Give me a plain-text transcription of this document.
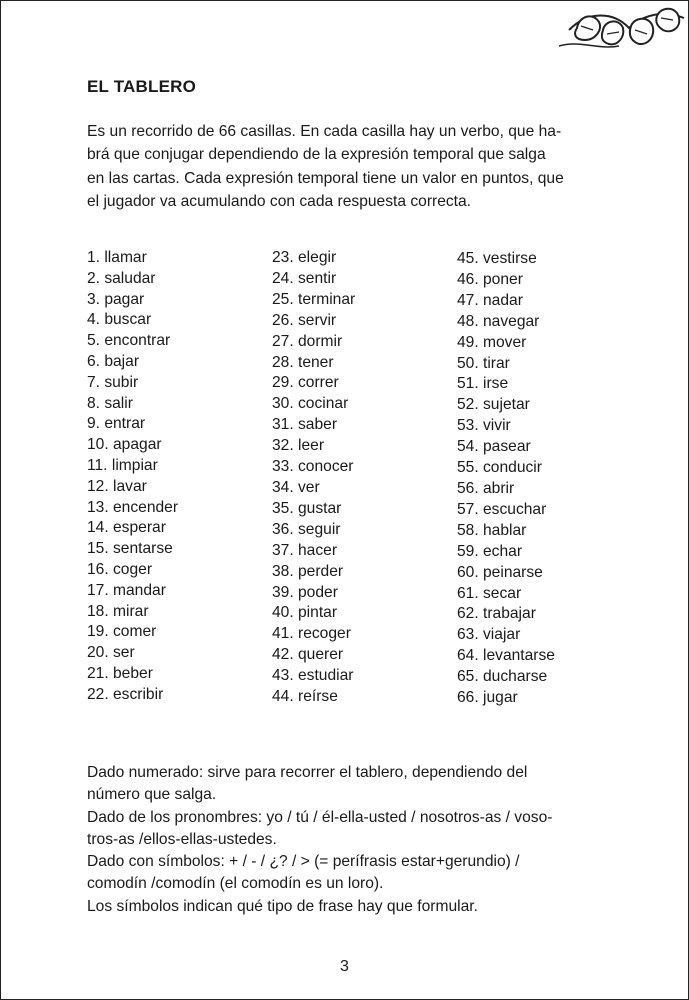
EL TABLERO

Es un recorrido de 66 casillas. En cada casilla hay un verbo, que ha-

brá que conjugar dependiendo de la expresión temporal que salga

en las cartas. Cada expresión temporal tiene un valor en puntos, que

el jugador va acumulando con cada respuesta correcta.

1. llamar
2. saludar
3. pagar
4. buscar
5. encontrar
6. bajar
7. subir
8. salir
9. entrar
10. apagar
11. limpiar
12. lavar
13. encender
14. esperar
15. sentarse
16. coger
17. mandar
18. mirar
19. comer
20. ser
21. beber
22. escribir
23. elegir
24. sentir
25. terminar
26. servir
27. dormir
28. tener
29. correr
30. cocinar
31. saber
32. leer
33. conocer
34. ver
35. gustar
36. seguir
37. hacer
38. perder
39. poder
40. pintar
41. recoger
42. querer
43. estudiar
44. reírse
45. vestirse
46. poner
47. nadar
48. navegar
49. mover
50. tirar
51. irse
52. sujetar
53. vivir
54. pasear
55. conducir
56. abrir
57. escuchar
58. hablar
59. echar
60. peinarse
61. secar
62. trabajar
63. viajar
64. levantarse
65. ducharse
66. jugar

Dado numerado: sirve para recorrer el tablero, dependiendo del

número que salga.

Dado de los pronombres: yo / tú / él-ella-usted / nosotros-as / voso-

tros-as /ellos-ellas-ustedes.

Dado con símbolos: + / - / ¿? / > (= perífrasis estar+gerundio) /

comodín /comodín (el comodín es un loro).

Los símbolos indican qué tipo de frase hay que formular.

3
